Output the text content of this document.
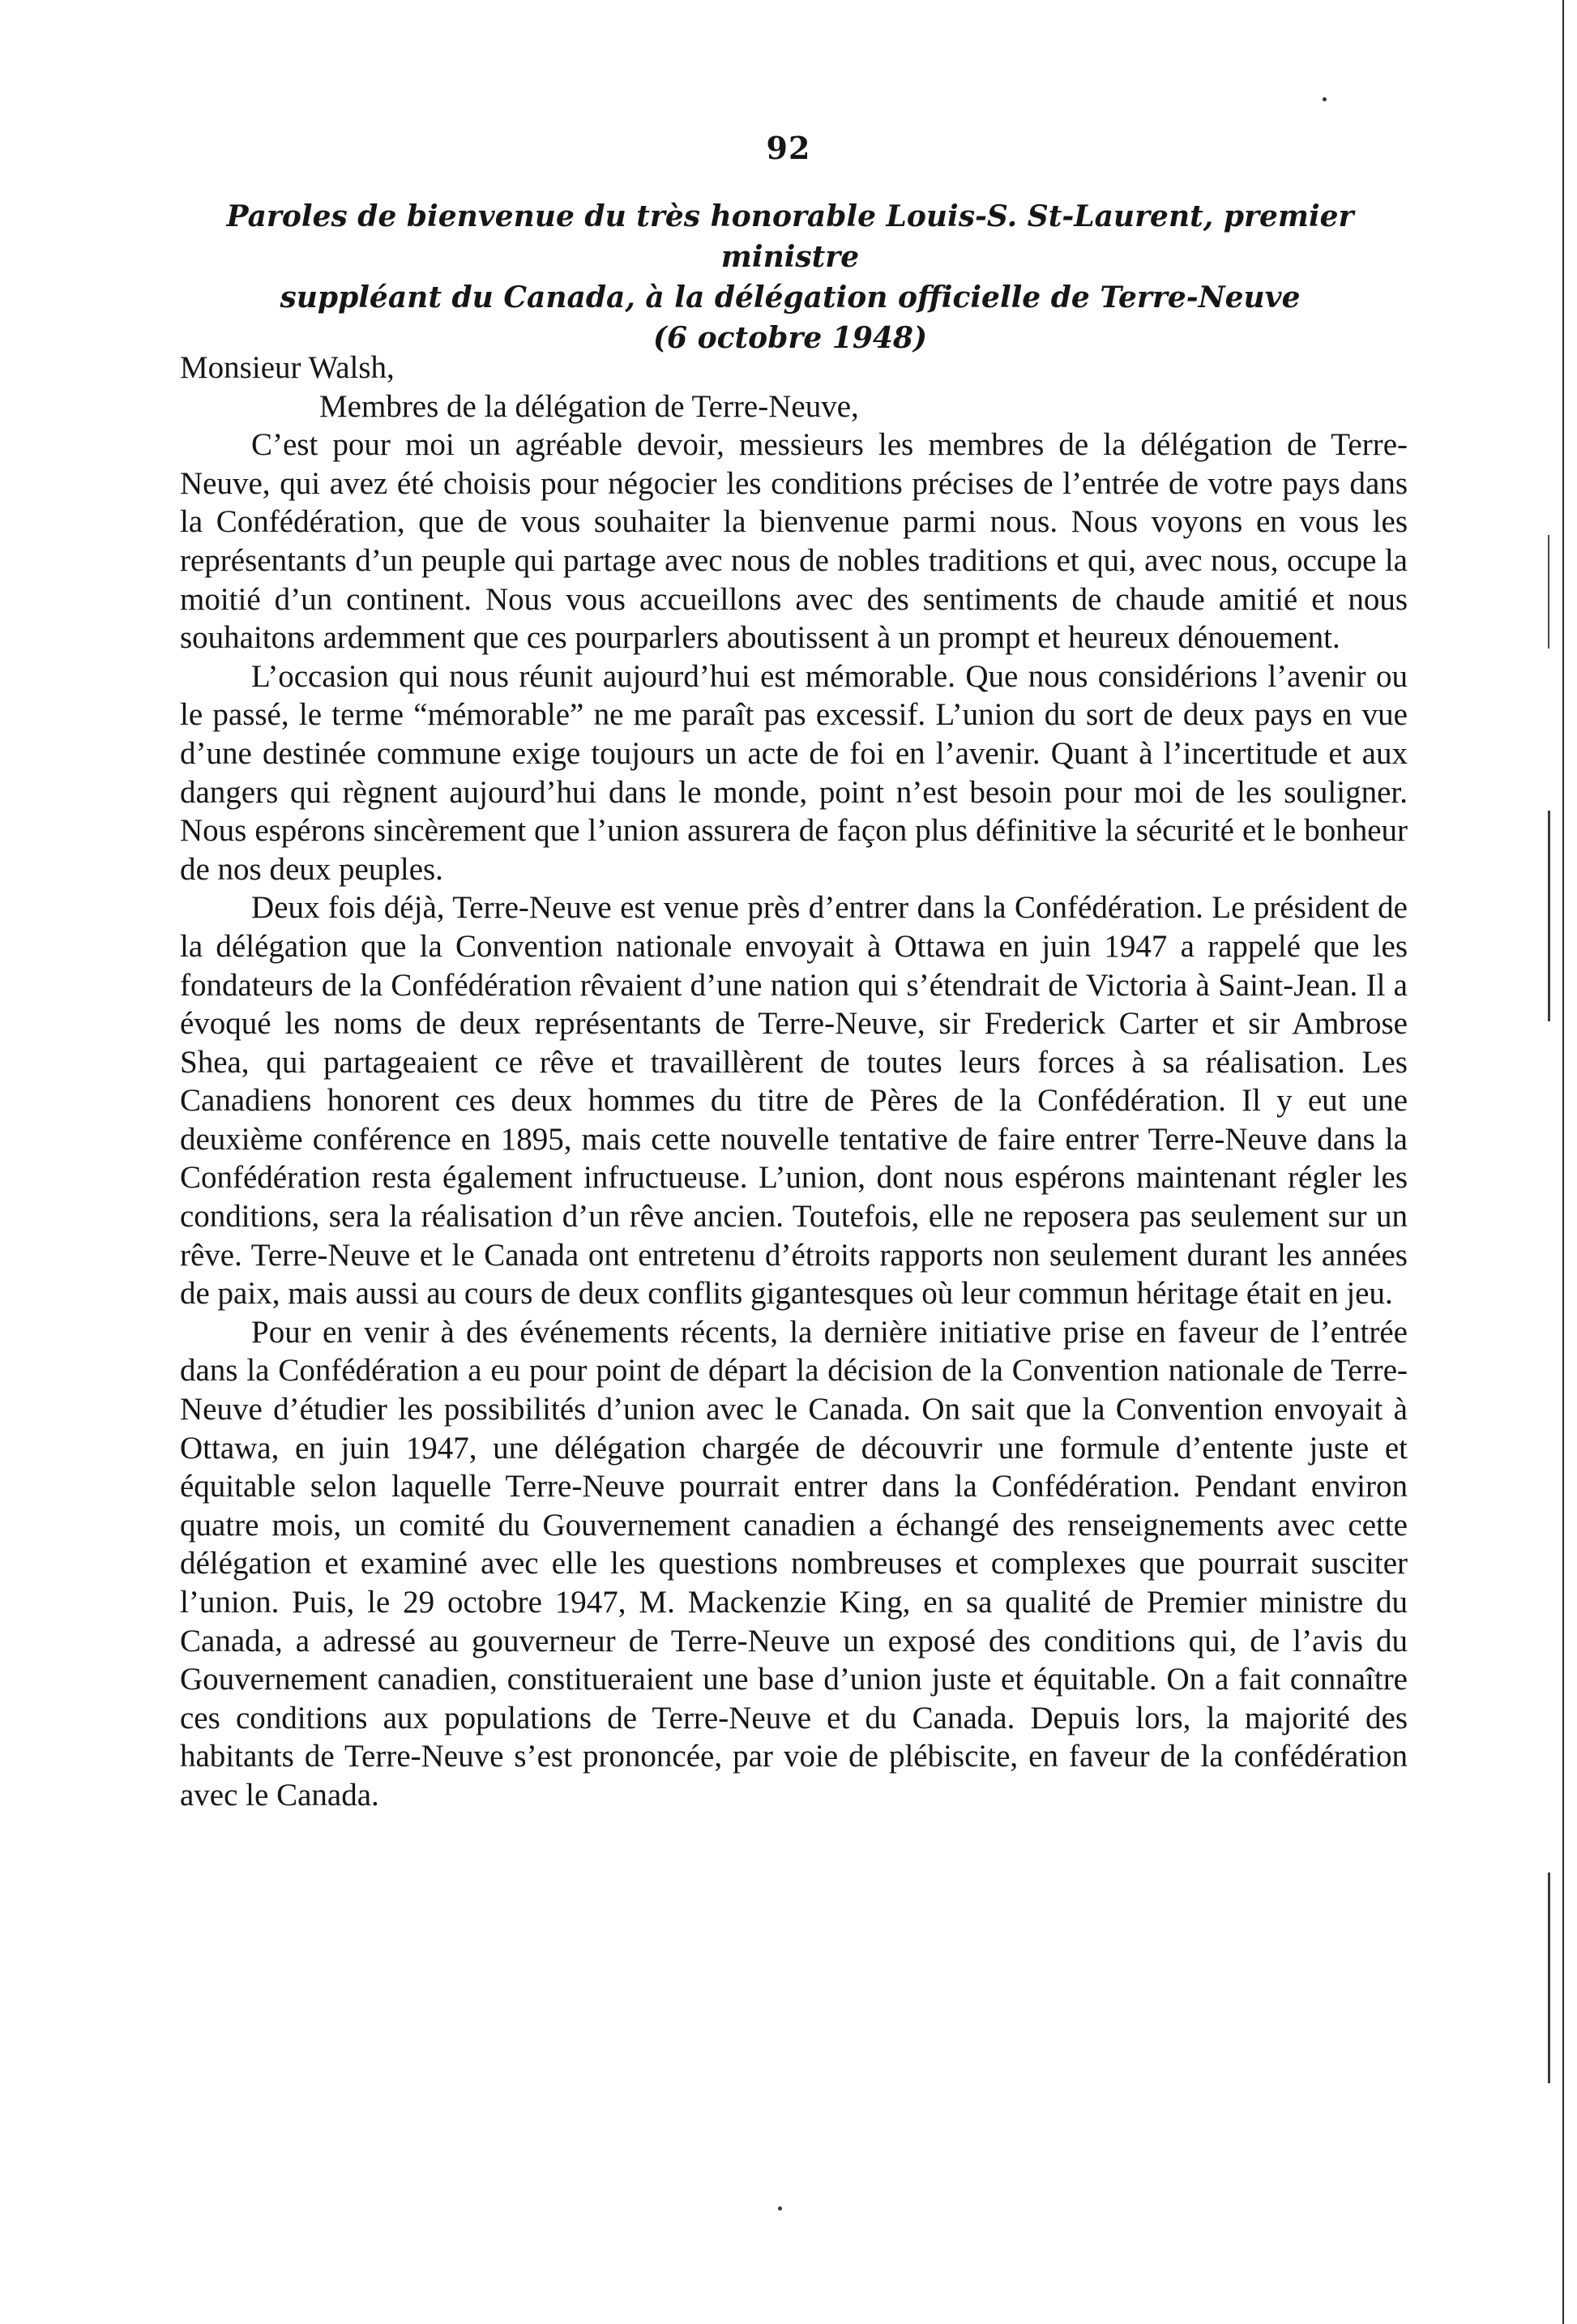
92
Paroles de bienvenue du très honorable Louis-S. St-Laurent, premier ministre
suppléant du Canada, à la délégation officielle de Terre-Neuve
(6 octobre 1948)

Monsieur Walsh,

Membres de la délégation de Terre-Neuve,

C’est pour moi un agréable devoir, messieurs les membres de la délégation de Terre-Neuve, qui avez été choisis pour négocier les conditions précises de l’entrée de votre pays dans la Confédération, que de vous souhaiter la bienvenue parmi nous. Nous voyons en vous les représentants d’un peuple qui partage avec nous de nobles traditions et qui, avec nous, occupe la moitié d’un continent. Nous vous accueillons avec des sentiments de chaude amitié et nous souhaitons ardemment que ces pourparlers aboutissent à un prompt et heureux dénouement.

L’occasion qui nous réunit aujourd’hui est mémorable. Que nous considérions l’avenir ou le passé, le terme “mémorable” ne me paraît pas excessif. L’union du sort de deux pays en vue d’une destinée commune exige toujours un acte de foi en l’avenir. Quant à l’incertitude et aux dangers qui règnent aujourd’hui dans le monde, point n’est besoin pour moi de les souligner. Nous espérons sincèrement que l’union assurera de façon plus définitive la sécurité et le bonheur de nos deux peuples.

Deux fois déjà, Terre-Neuve est venue près d’entrer dans la Confédération. Le président de la délégation que la Convention nationale envoyait à Ottawa en juin 1947 a rappelé que les fondateurs de la Confédération rêvaient d’une nation qui s’étendrait de Victoria à Saint-Jean. Il a évoqué les noms de deux représentants de Terre-Neuve, sir Frederick Carter et sir Ambrose Shea, qui partageaient ce rêve et travaillèrent de toutes leurs forces à sa réalisation. Les Canadiens honorent ces deux hommes du titre de Pères de la Confédération. Il y eut une deuxième conférence en 1895, mais cette nouvelle tentative de faire entrer Terre-Neuve dans la Confédération resta également infructueuse. L’union, dont nous espérons maintenant régler les conditions, sera la réalisation d’un rêve ancien. Toutefois, elle ne reposera pas seulement sur un rêve. Terre-Neuve et le Canada ont entretenu d’étroits rapports non seulement durant les années de paix, mais aussi au cours de deux conflits gigantesques où leur commun héritage était en jeu.

Pour en venir à des événements récents, la dernière initiative prise en faveur de l’entrée dans la Confédération a eu pour point de départ la décision de la Convention nationale de Terre-Neuve d’étudier les possibilités d’union avec le Canada. On sait que la Convention envoyait à Ottawa, en juin 1947, une délégation chargée de découvrir une formule d’entente juste et équitable selon laquelle Terre-Neuve pourrait entrer dans la Confédération. Pendant environ quatre mois, un comité du Gouvernement canadien a échangé des renseignements avec cette délégation et examiné avec elle les questions nombreuses et complexes que pourrait susciter l’union. Puis, le 29 octobre 1947, M. Mackenzie King, en sa qualité de Premier ministre du Canada, a adressé au gouverneur de Terre-Neuve un exposé des conditions qui, de l’avis du Gouvernement canadien, constitueraient une base d’union juste et équitable. On a fait connaître ces conditions aux populations de Terre-Neuve et du Canada. Depuis lors, la majorité des habitants de Terre-Neuve s’est prononcée, par voie de plébiscite, en faveur de la confédération avec le Canada.
